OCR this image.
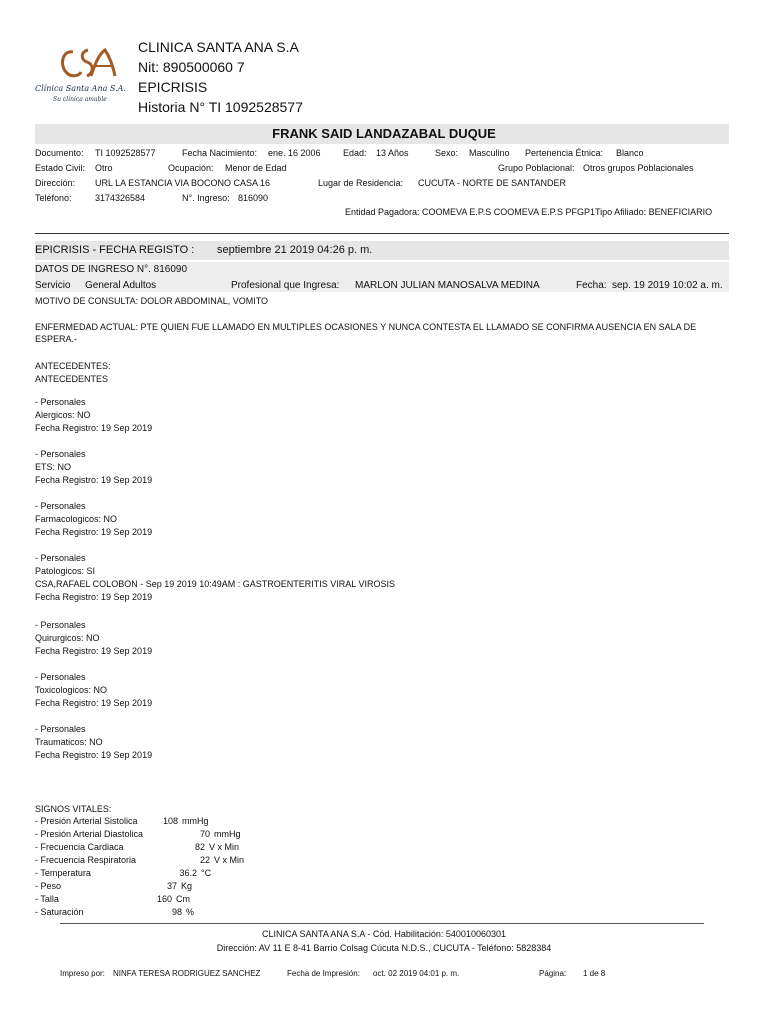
Clínica Santa Ana S.A.
Su clínica amable
CLINICA SANTA ANA S.A
Nit: 890500060 7
EPICRISIS
Historia N° TI 1092528577
FRANK SAID LANDAZABAL DUQUE
Documento: TI 1092528577	Fecha Nacimiento: ene. 16 2006 Edad: 13 Años	Sexo: Masculino Pertenencia Étnica: Blanco
Estado Civil: Otro	Ocupación: Menor de Edad	Grupo Poblacional: Otros grupos Poblacionales
Dirección: URL LA ESTANCIA VIA BOCONO CASA 16	Lugar de Residencia: CUCUTA - NORTE DE SANTANDER
Teléfono:	3174326584	N°. Ingreso: 816090
Entidad Pagadora: COOMEVA E.P.S COOMEVA E.P.S PFGP1Tipo Afiliado: BENEFICIARIO
EPICRISIS - FECHA REGISTO : septiembre 21 2019 04:26 p. m.
DATOS DE INGRESO N°. 816090
Servicio General Adultos	Profesional que Ingresa: MARLON JULIAN MANOSALVA MEDINA	Fecha: sep. 19 2019 10:02 a. m.
MOTIVO DE CONSULTA: DOLOR ABDOMINAL, VOMITO
ENFERMEDAD ACTUAL: PTE QUIEN FUE LLAMADO EN MULTIPLES OCASIONES Y NUNCA CONTESTA EL LLAMADO SE CONFIRMA AUSENCIA EN SALA DE
ESPERA.-
ANTECEDENTES:
ANTECEDENTES
- Personales
Alergicos: NO
Fecha Registro: 19 Sep 2019
- Personales
ETS: NO
Fecha Registro: 19 Sep 2019
- Personales
Farmacologicos: NO
Fecha Registro: 19 Sep 2019
- Personales
Patologicos: SI
CSA,RAFAEL COLOBON - Sep 19 2019 10:49AM : GASTROENTERITIS VIRAL VIROSIS
Fecha Registro: 19 Sep 2019
- Personales
Quirurgicos: NO
Fecha Registro: 19 Sep 2019
- Personales
Toxicologicos: NO
Fecha Registro: 19 Sep 2019
- Personales
Traumaticos: NO
Fecha Registro: 19 Sep 2019
SIGNOS VITALES:
- Presión Arterial Sistolica	108 mmHg
- Presión Arterial Diastolica	70 mmHg
- Frecuencia Cardiaca	82 V x Min
- Frecuencia Respiratoria	22 V x Min
- Temperatura	36.2 °C
- Peso	37 Kg
- Talla	160 Cm
- Saturación	98 %
CLINICA SANTA ANA S.A - Cód. Habilitación: 540010060301
Dirección: AV 11 E 8-41 Barrio Colsag Cúcuta N.D.S., CUCUTA - Teléfono: 5828384
Impreso por: NINFA TERESA RODRIGUEZ SANCHEZ	Fecha de Impresión: oct. 02 2019 04:01 p. m.	Página: 1 de 8
